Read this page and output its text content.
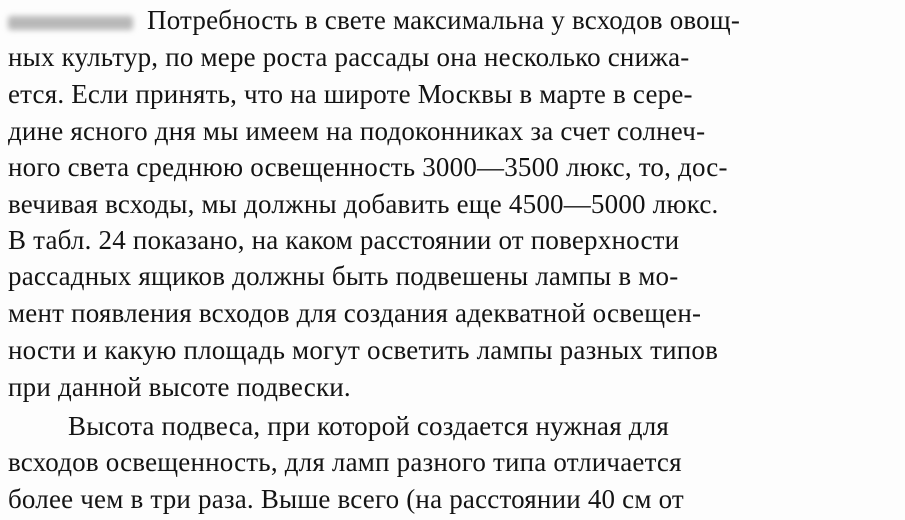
Потребность в свете максимальна у всходов овощ-
ных культур, по мере роста рассады она несколько снижа-
ется. Если принять, что на широте Москвы в марте в сере-
дине ясного дня мы имеем на подоконниках за счет солнеч-
ного света среднюю освещенность 3000—3500 люкс, то, дос-
вечивая всходы, мы должны добавить еще 4500—5000 люкс.
В табл. 24 показано, на каком расстоянии от поверхности
рассадных ящиков должны быть подвешены лампы в мо-
мент появления всходов для создания адекватной освещен-
ности и какую площадь могут осветить лампы разных типов
при данной высоте подвески.
Высота подвеса, при которой создается нужная для
всходов освещенность, для ламп разного типа отличается
более чем в три раза. Выше всего (на расстоянии 40 см от
